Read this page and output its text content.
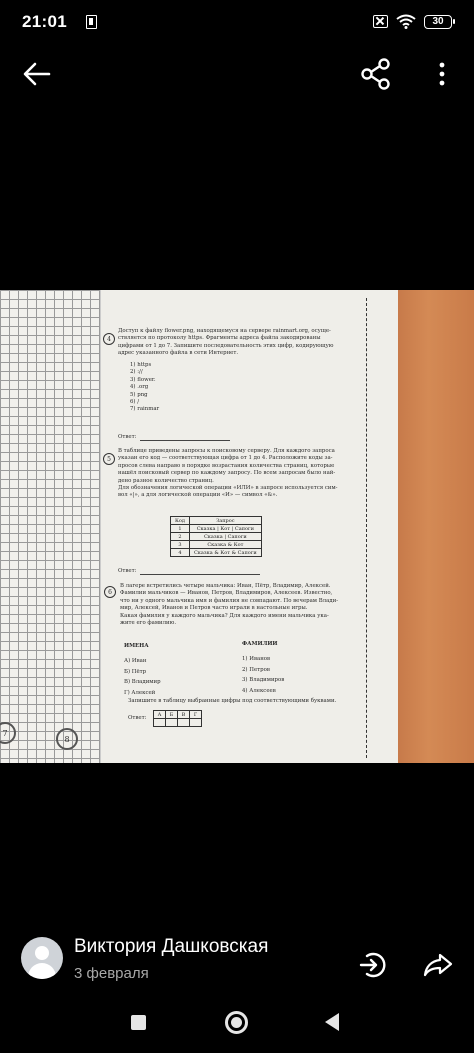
21:01	30
7
8
4
Доступ к файлу flower.png, находящемуся на сервере rainmart.org, осуще-
ствляется по протоколу https. Фрагменты адреса файла закодированы
цифрами от 1 до 7. Запишите последовательность этих цифр, кодирующую
адрес указанного файла в сети Интернет.
1) https
2) ://
3) flower.
4) .org
5) png
6) /
7) rainmar
Ответ:
5
В таблице приведены запросы к поисковому серверу. Для каждого запроса
указан его код — соответствующая цифра от 1 до 4. Расположите коды за-
просов слева направо в порядке возрастания количества страниц, которые
нашёл поисковый сервер по каждому запросу. По всем запросам было най-
дено разное количество страниц.
Для обозначения логической операции «ИЛИ» в запросе используется сим-
вол «|», а для логической операции «И» — символ «&».
Код	Запрос
1	Сказка | Кот | Сапоги
2	Сказка | Сапоги
3	Сказка & Кот
4	Сказка & Кот & Сапоги
Ответ:
6
В лагере встретились четыре мальчика: Иван, Пётр, Владимир, Алексей.
Фамилии мальчиков — Иванов, Петров, Владимиров, Алексеев. Известно,
что ни у одного мальчика имя и фамилия не совпадают. По вечерам Влади-
мир, Алексей, Иванов и Петров часто играли в настольные игры.
Какая фамилия у каждого мальчика? Для каждого имени мальчика ука-
жите его фамилию.
ИМЕНА
А) Иван
Б) Пётр
В) Владимир
Г) Алексей
ФАМИЛИИ
1) Иванов
2) Петров
3) Владимиров
4) Алексеев
Запишите в таблицу выбранные цифры под соответствующими буквами.
Ответ:
А	Б	В	Г

Виктория Дашковская
3 февраля
